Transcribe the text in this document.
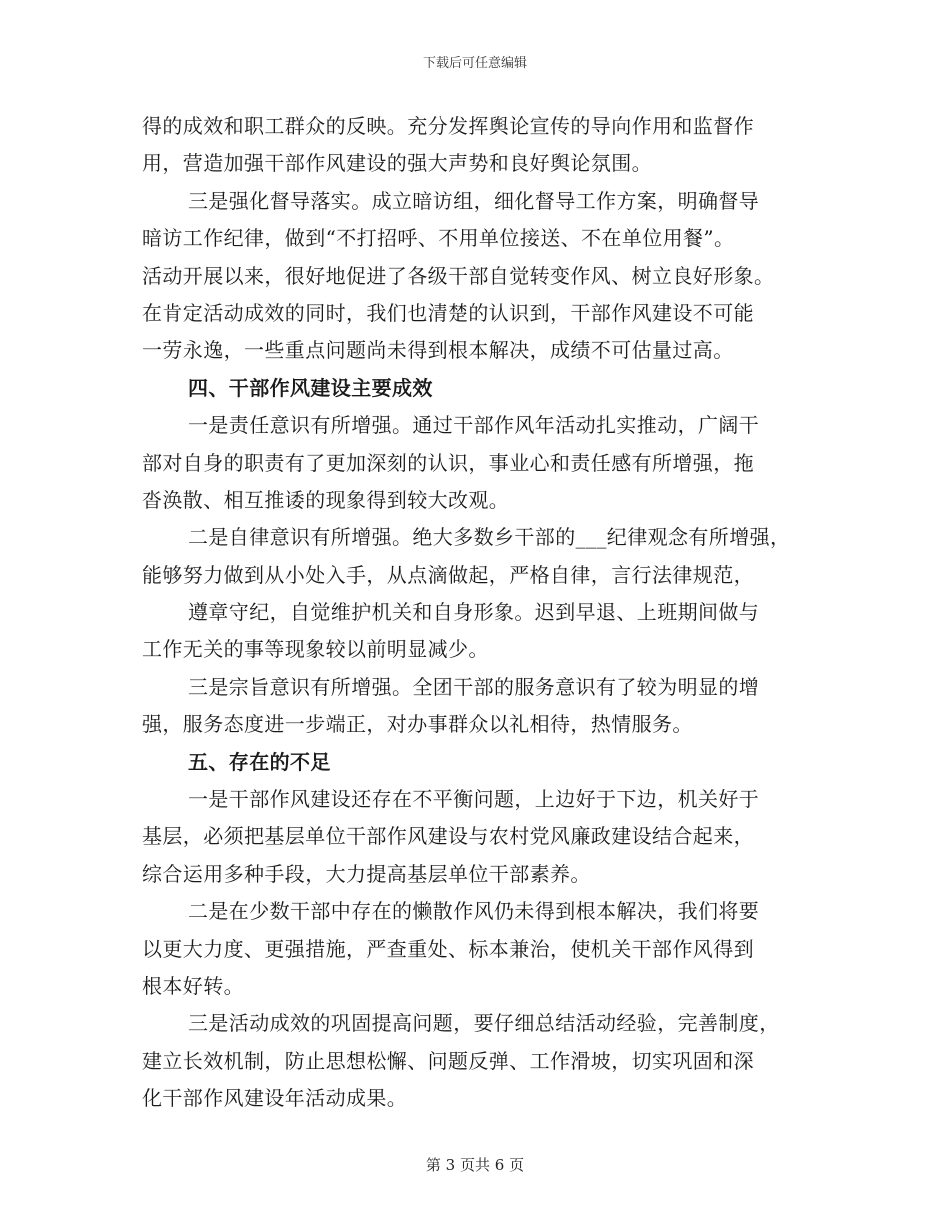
下载后可任意编辑
得的成效和职工群众的反映。充分发挥舆论宣传的导向作用和监督作
用，营造加强干部作风建设的强大声势和良好舆论氛围。
三是强化督导落实。成立暗访组，细化督导工作方案，明确督导
暗访工作纪律，做到“不打招呼、不用单位接送、不在单位用餐”。
活动开展以来，很好地促进了各级干部自觉转变作风、树立良好形象。
在肯定活动成效的同时，我们也清楚的认识到，干部作风建设不可能
一劳永逸，一些重点问题尚未得到根本解决，成绩不可估量过高。
四、干部作风建设主要成效
一是责任意识有所增强。通过干部作风年活动扎实推动，广阔干
部对自身的职责有了更加深刻的认识，事业心和责任感有所增强，拖
沓涣散、相互推诿的现象得到较大改观。
二是自律意识有所增强。绝大多数乡干部的___纪律观念有所增强，
能够努力做到从小处入手，从点滴做起，严格自律，言行法律规范，
遵章守纪，自觉维护机关和自身形象。迟到早退、上班期间做与
工作无关的事等现象较以前明显减少。
三是宗旨意识有所增强。全团干部的服务意识有了较为明显的增
强，服务态度进一步端正，对办事群众以礼相待，热情服务。
五、存在的不足
一是干部作风建设还存在不平衡问题，上边好于下边，机关好于
基层，必须把基层单位干部作风建设与农村党风廉政建设结合起来，
综合运用多种手段，大力提高基层单位干部素养。
二是在少数干部中存在的懒散作风仍未得到根本解决，我们将要
以更大力度、更强措施，严查重处、标本兼治，使机关干部作风得到
根本好转。
三是活动成效的巩固提高问题，要仔细总结活动经验，完善制度，
建立长效机制，防止思想松懈、问题反弹、工作滑坡，切实巩固和深
化干部作风建设年活动成果。
第 3 页共 6 页
